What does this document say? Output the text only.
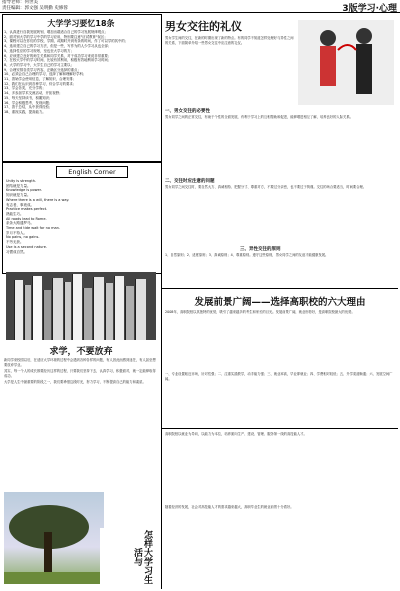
指导老师：何世美
责任编辑：郭文强 吴明勤 史修蓉	3版学习·心理
大学学习要忆18条
1、认真进行自我发展规划，增加出端适合自己的学习发展规律观点；
2、面对别大学的学习中学的学习应用，特别要注意"应试教育"误区；
3、课程可以在你们的学校，学期，或期时开到有条的时间，作了可以学的其中的；
4、选用建立自己的学习方法，但是一些，写作为的人少学习从也全部；
5、选择性应的学习规划，至也至大学习的方；
6、应该建立良好的师生关系和同学关系，对于成功学习来说非常重要；
7、在校大学中的学习时间，比较有效利用，积极有效地利用学习时间；
8、大学的学习中，大学生自己的学习主要以；
9、合理安排各类学习内容，正确区分选择的重点；
10、必须会自己合理的学习，选择了解和理解好学科；
11、善始学会使用信息，了解知识，合理安排；
12、我们在认识到各种学习，综合学习的要求；
13、学会各类，充分学的；
14、多参加学术交流活动，开拓视野；
15、每天坚持读书，积累知识；
16、学会积极思考，发现问题；
17、善于总结，从中获得经验；
18、重视实践，提高能力。
English Corner
Unity is strength.
团结就是力量。
Knowledge is power.
知识就是力量。
Where there is a will, there is a way.
有志者，事竟成。
Practice makes perfect.
熟能生巧。
All roads lead to Rome.
条条大路通罗马。
Time and tide wait for no man.
岁月不待人。
No pains, no gains.
不劳无获。
Use is a second nature.
习惯成自然。
求学，不要放弃

新同学来校园以后，在适应大学环境的过程中会遇到各种各样的问题，有人因此而感到迷茫，有人甚至想要放弃学业。

其实，每一个人的成长都要经历这样的过程，只要我们坚持下去，认真学习，积极面对，就一定能够取得成功。

大学是人生中最重要的阶段之一，我们要珍惜这段时光，努力学习，不断提高自己的能力和素质。

怎样大学习生活与
男女交往的礼仪
男女学生间的交往，在新的时期出现了新的特点。有的同学不知道怎样处理好与异性之间的关系，下面简单介绍一些男女交往中应注意的礼仪。
一、男女交往的必要性
男女同学之间的正常交往，有助于个性的全面发展，有利于学习上的互相帮助和促进，能够增进相互了解，培养良好的人际关系。
二、交往时应注意的问题
男女同学之间交往时，要自然大方、真诚相待、把握分寸、尊重对方，不要过分亲密，也不要过于拘谨。交往的场合要适当，时间要合理。
三、异性交往的原则
1、自然原则；2、适度原则；3、真诚原则；4、尊重原则。遵守这些原则，男女同学之间的友谊才能健康发展。
发展前景广阔——选择高职校的六大理由
2008年，高职院校以其独特的优势，吸引了越来越多的考生和家长的目光。发展前景广阔，就业形势好，是高职院校最大的优势。
一、专业设置贴近市场，针对性强；二、注重实践教学，动手能力强；三、就业率高，毕业即就业；四、学费相对较低；五、升学渠道畅通；六、发展空间广阔。
高职院校以就业为导向，以能力为本位，培养面向生产、建设、管理、服务第一线的高技能人才。
随着经济的发展，社会对高技能人才的需求越来越大，高职毕业生的就业前景十分看好。
